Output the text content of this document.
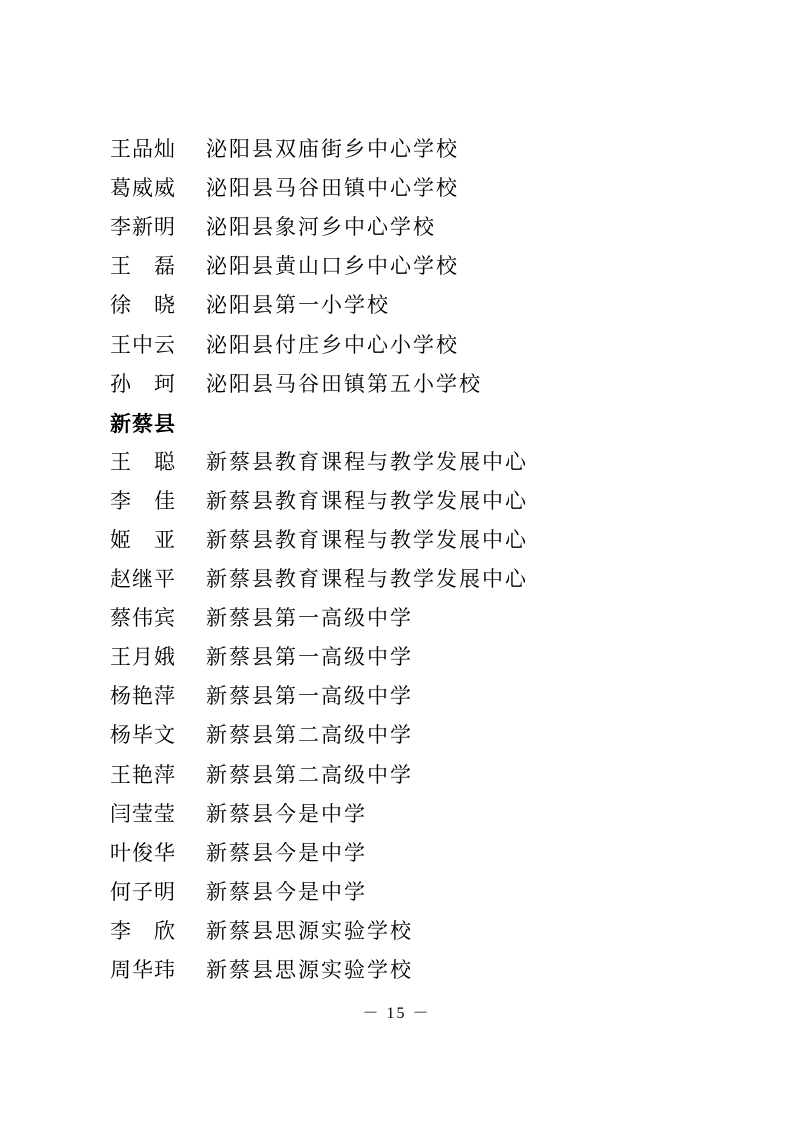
王品灿 泌阳县双庙街乡中心学校
葛威威 泌阳县马谷田镇中心学校
李新明 泌阳县象河乡中心学校
王　磊 泌阳县黄山口乡中心学校
徐　晓 泌阳县第一小学校
王中云 泌阳县付庄乡中心小学校
孙　珂 泌阳县马谷田镇第五小学校
新蔡县
王　聪 新蔡县教育课程与教学发展中心
李　佳 新蔡县教育课程与教学发展中心
姬　亚 新蔡县教育课程与教学发展中心
赵继平 新蔡县教育课程与教学发展中心
蔡伟宾 新蔡县第一高级中学
王月娥 新蔡县第一高级中学
杨艳萍 新蔡县第一高级中学
杨毕文 新蔡县第二高级中学
王艳萍 新蔡县第二高级中学
闫莹莹 新蔡县今是中学
叶俊华 新蔡县今是中学
何子明 新蔡县今是中学
李　欣 新蔡县思源实验学校
周华玮 新蔡县思源实验学校
－ 15 －
